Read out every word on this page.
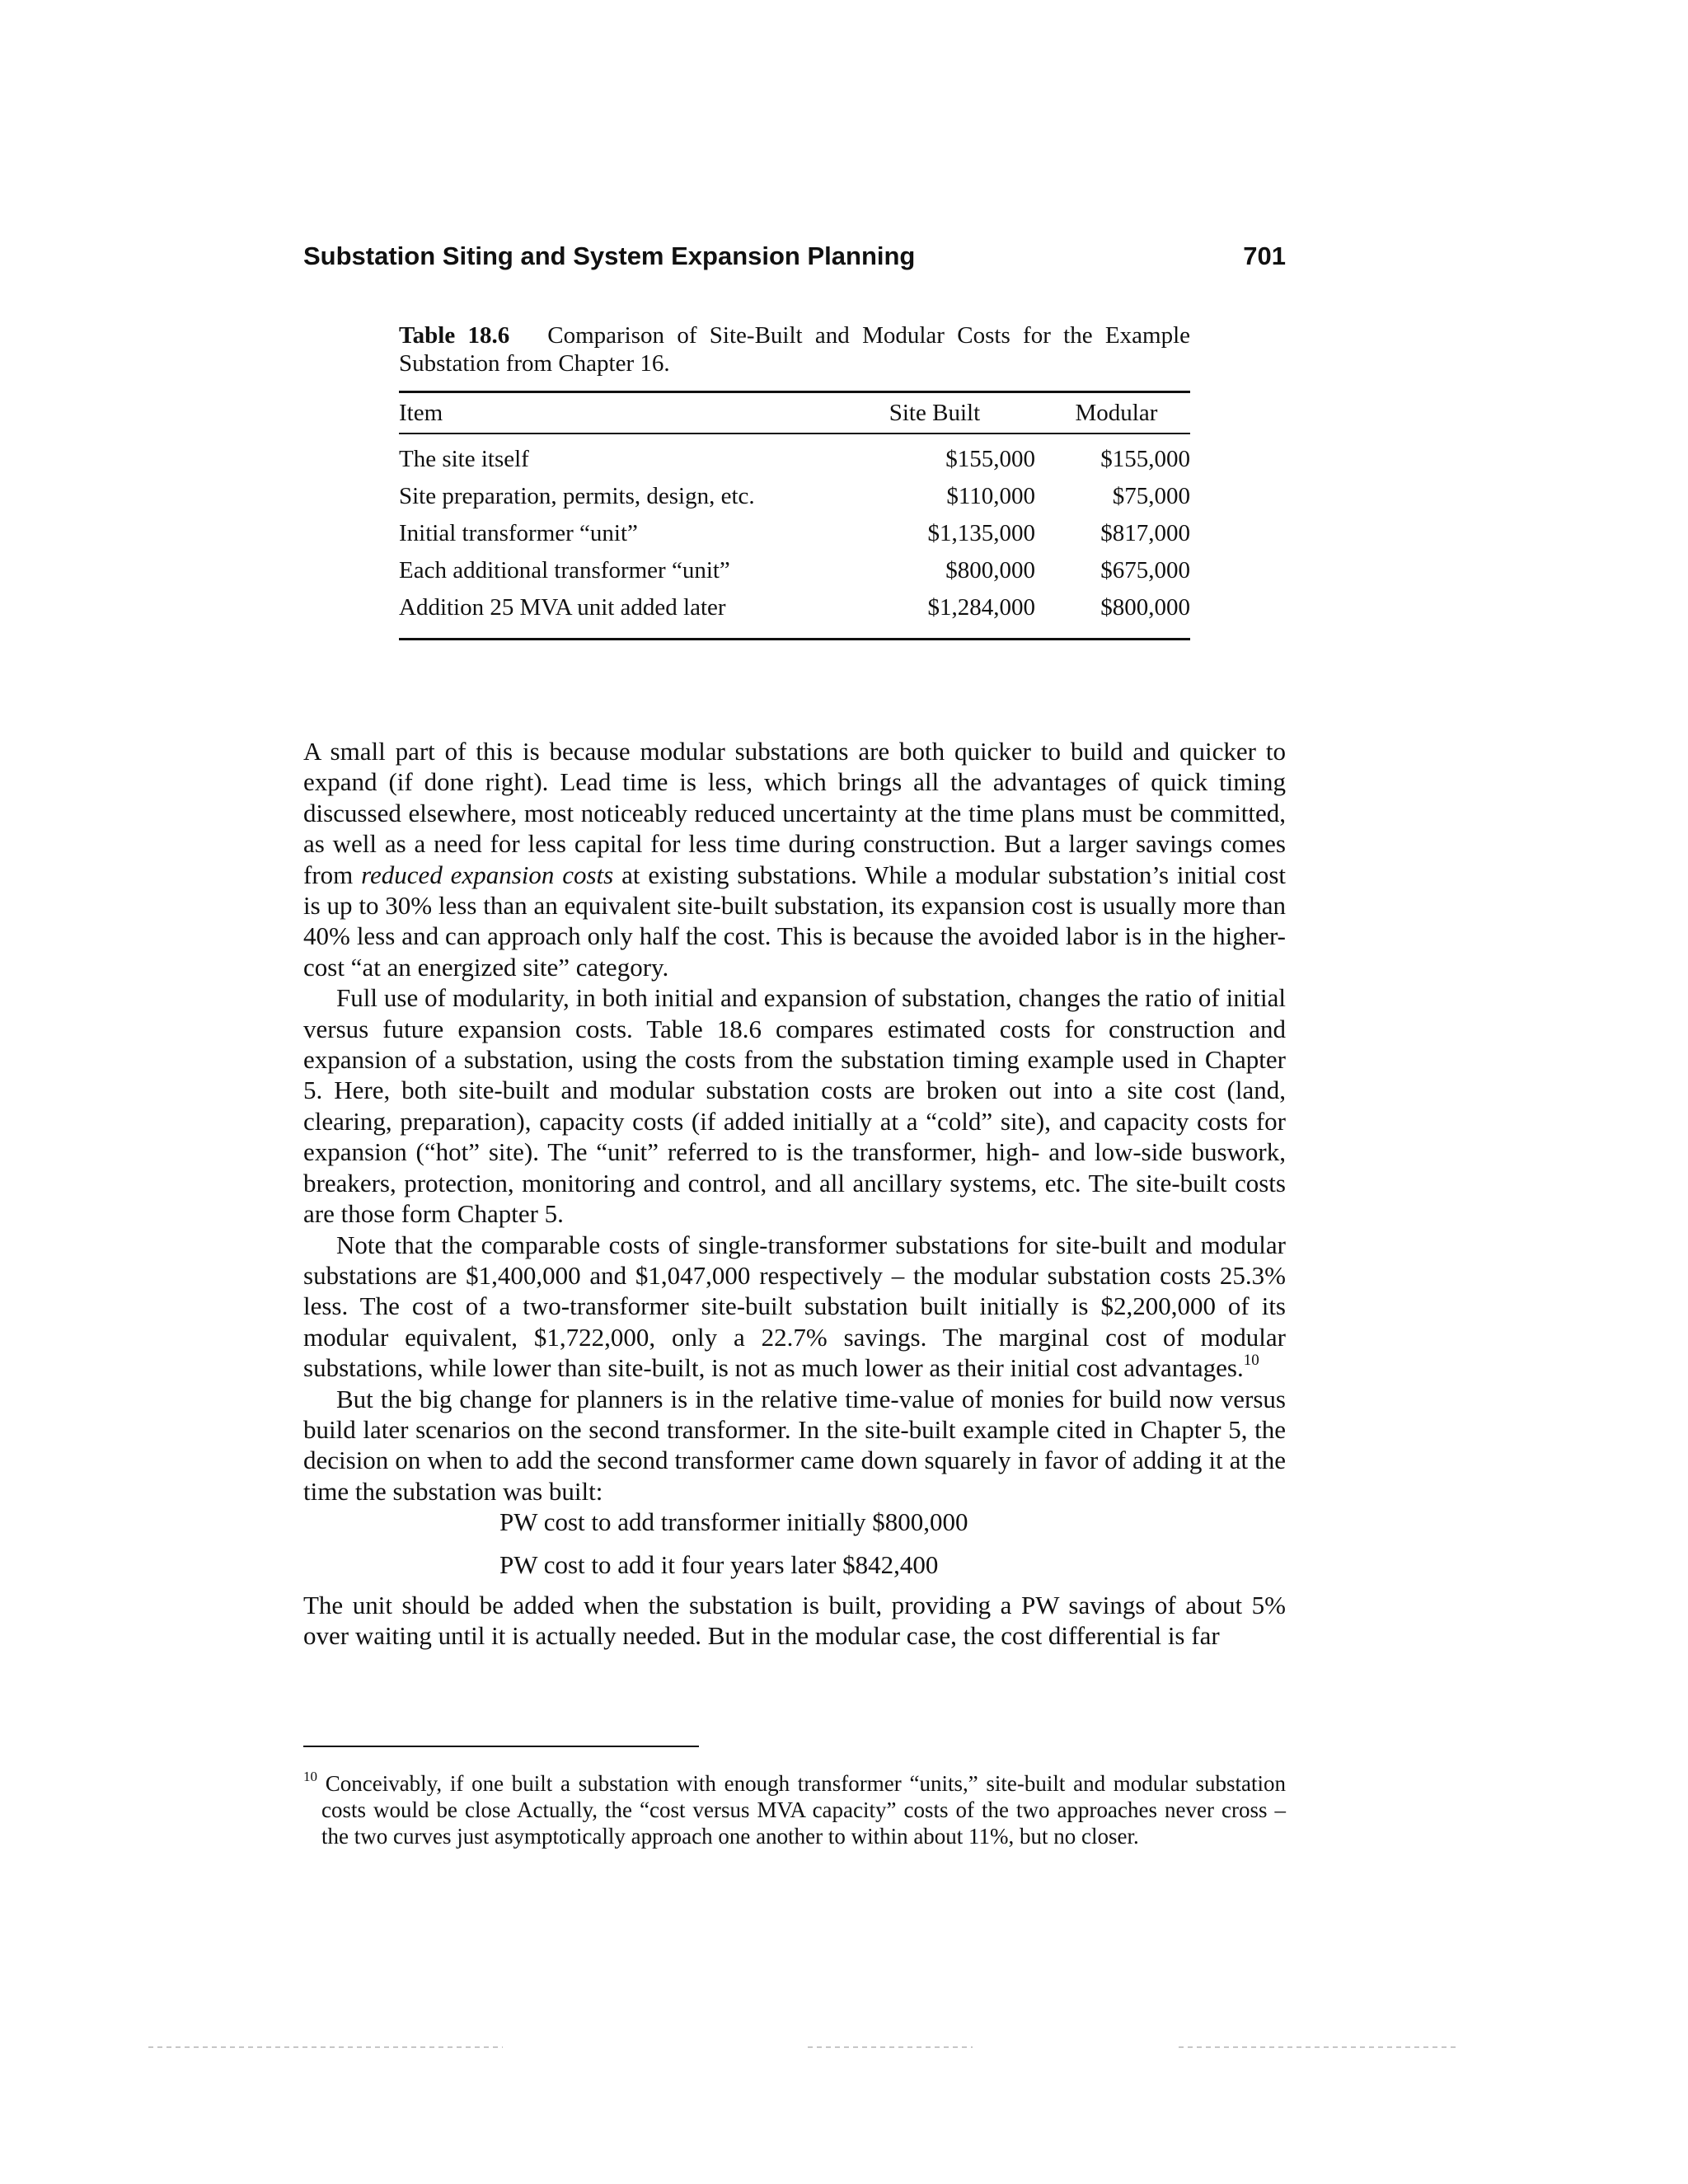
Substation Siting and System Expansion Planning	701

Table 18.6 Comparison of Site-Built and Modular Costs for the Example Substation from Chapter 16.

Item	Site Built	Modular
The site itself	$155,000	$155,000
Site preparation, permits, design, etc.	$110,000	$75,000
Initial transformer “unit”	$1,135,000	$817,000
Each additional transformer “unit”	$800,000	$675,000
Addition 25 MVA unit added later	$1,284,000	$800,000

A small part of this is because modular substations are both quicker to build and quicker to expand (if done right). Lead time is less, which brings all the advantages of quick timing discussed elsewhere, most noticeably reduced uncertainty at the time plans must be committed, as well as a need for less capital for less time during construction. But a larger savings comes from reduced expansion costs at existing substations. While a modular substation’s initial cost is up to 30% less than an equivalent site-built substation, its expansion cost is usually more than 40% less and can approach only half the cost. This is because the avoided labor is in the higher-cost “at an energized site” category.

Full use of modularity, in both initial and expansion of substation, changes the ratio of initial versus future expansion costs. Table 18.6 compares estimated costs for construction and expansion of a substation, using the costs from the substation timing example used in Chapter 5. Here, both site-built and modular substation costs are broken out into a site cost (land, clearing, preparation), capacity costs (if added initially at a “cold” site), and capacity costs for expansion (“hot” site). The “unit” referred to is the transformer, high- and low-side buswork, breakers, protection, monitoring and control, and all ancillary systems, etc. The site-built costs are those form Chapter 5.

Note that the comparable costs of single-transformer substations for site-built and modular substations are $1,400,000 and $1,047,000 respectively – the modular substation costs 25.3% less. The cost of a two-transformer site-built substation built initially is $2,200,000 of its modular equivalent, $1,722,000, only a 22.7% savings. The marginal cost of modular substations, while lower than site-built, is not as much lower as their initial cost advantages.$^{10}$

But the big change for planners is in the relative time-value of monies for build now versus build later scenarios on the second transformer. In the site-built example cited in Chapter 5, the decision on when to add the second transformer came down squarely in favor of adding it at the time the substation was built:

PW cost to add transformer initially $800,000

PW cost to add it four years later $842,400

The unit should be added when the substation is built, providing a PW savings of about 5% over waiting until it is actually needed. But in the modular case, the cost differential is far

$^{10}$ Conceivably, if one built a substation with enough transformer “units,” site-built and modular substation costs would be close Actually, the “cost versus MVA capacity” costs of the two approaches never cross – the two curves just asymptotically approach one another to within about 11%, but no closer.
